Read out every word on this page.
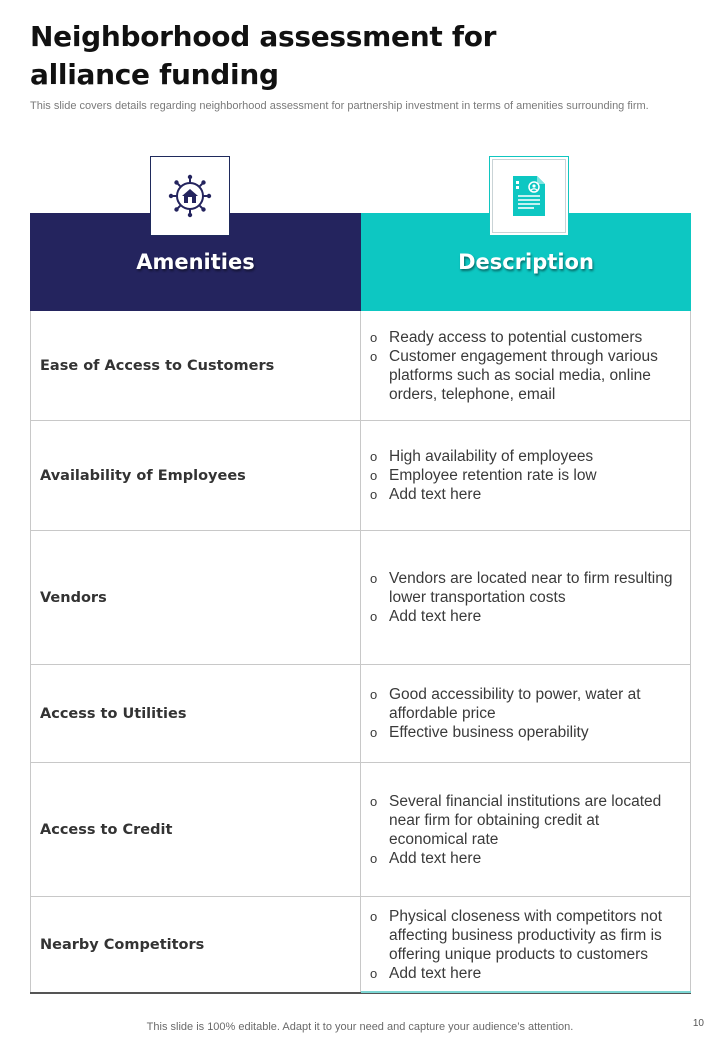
Neighborhood assessment for alliance funding

This slide covers details regarding neighborhood assessment for partnership investment in terms of amenities surrounding firm.

Amenities	Description
Ease of Access to Customers
o Ready access to potential customers
o Customer engagement through various platforms such as social media, online orders, telephone, email
Availability of Employees
o High availability of employees
o Employee retention rate is low
o Add text here
Vendors
o Vendors are located near to firm resulting lower transportation costs
o Add text here
Access to Utilities
o Good accessibility to power, water at affordable price
o Effective business operability
Access to Credit
o Several financial institutions are located near firm for obtaining credit at economical rate
o Add text here
Nearby Competitors
o Physical closeness with competitors not affecting business productivity as firm is offering unique products to customers
o Add text here
This slide is 100% editable. Adapt it to your need and capture your audience’s attention.	10
